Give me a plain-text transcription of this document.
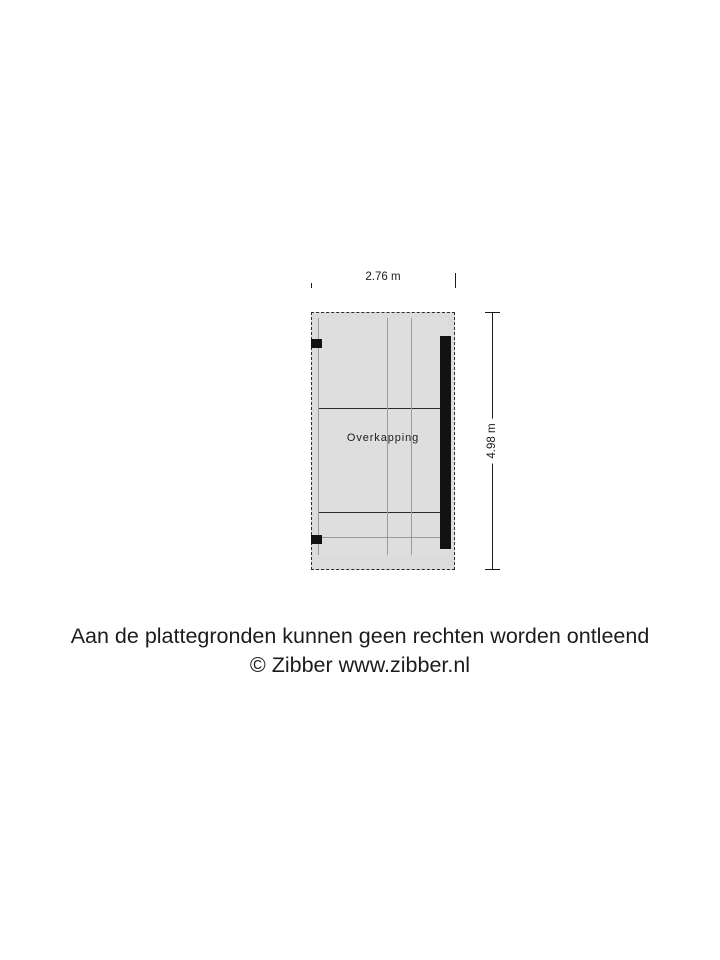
Overkapping
2.76 m
4.98 m
Aan de plattegronden kunnen geen rechten worden ontleend
© Zibber www.zibber.nl
